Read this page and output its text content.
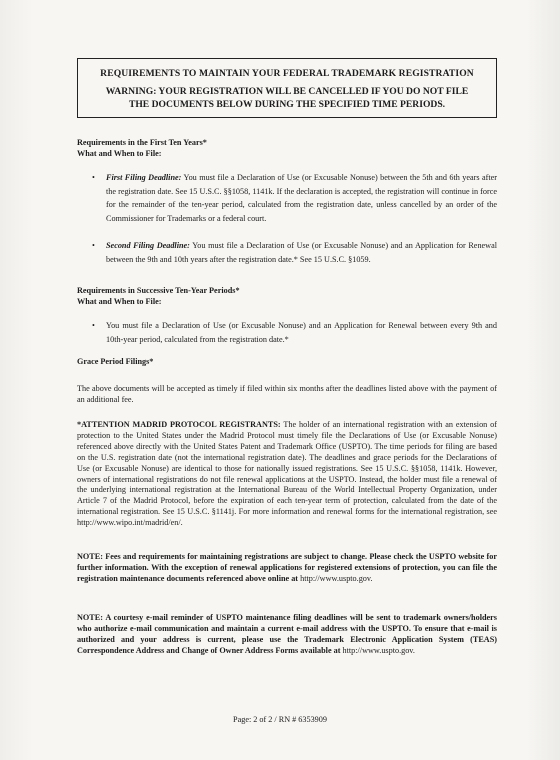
REQUIREMENTS TO MAINTAIN YOUR FEDERAL TRADEMARK REGISTRATION
WARNING: YOUR REGISTRATION WILL BE CANCELLED IF YOU DO NOT FILE THE DOCUMENTS BELOW DURING THE SPECIFIED TIME PERIODS.
Requirements in the First Ten Years*
What and When to File:
•	First Filing Deadline: You must file a Declaration of Use (or Excusable Nonuse) between the 5th and 6th years after the registration date. See 15 U.S.C. §§1058, 1141k. If the declaration is accepted, the registration will continue in force for the remainder of the ten-year period, calculated from the registration date, unless cancelled by an order of the Commissioner for Trademarks or a federal court.
•	Second Filing Deadline: You must file a Declaration of Use (or Excusable Nonuse) and an Application for Renewal between the 9th and 10th years after the registration date.* See 15 U.S.C. §1059.
Requirements in Successive Ten-Year Periods*
What and When to File:
•	You must file a Declaration of Use (or Excusable Nonuse) and an Application for Renewal between every 9th and 10th-year period, calculated from the registration date.*
Grace Period Filings*
The above documents will be accepted as timely if filed within six months after the deadlines listed above with the payment of an additional fee.
*ATTENTION MADRID PROTOCOL REGISTRANTS: The holder of an international registration with an extension of protection to the United States under the Madrid Protocol must timely file the Declarations of Use (or Excusable Nonuse) referenced above directly with the United States Patent and Trademark Office (USPTO). The time periods for filing are based on the U.S. registration date (not the international registration date). The deadlines and grace periods for the Declarations of Use (or Excusable Nonuse) are identical to those for nationally issued registrations. See 15 U.S.C. §§1058, 1141k. However, owners of international registrations do not file renewal applications at the USPTO. Instead, the holder must file a renewal of the underlying international registration at the International Bureau of the World Intellectual Property Organization, under Article 7 of the Madrid Protocol, before the expiration of each ten-year term of protection, calculated from the date of the international registration. See 15 U.S.C. §1141j. For more information and renewal forms for the international registration, see http://www.wipo.int/madrid/en/.
NOTE: Fees and requirements for maintaining registrations are subject to change. Please check the USPTO website for further information. With the exception of renewal applications for registered extensions of protection, you can file the registration maintenance documents referenced above online at http://www.uspto.gov.
NOTE: A courtesy e-mail reminder of USPTO maintenance filing deadlines will be sent to trademark owners/holders who authorize e-mail communication and maintain a current e-mail address with the USPTO. To ensure that e-mail is authorized and your address is current, please use the Trademark Electronic Application System (TEAS) Correspondence Address and Change of Owner Address Forms available at http://www.uspto.gov.
Page: 2 of 2 / RN # 6353909
